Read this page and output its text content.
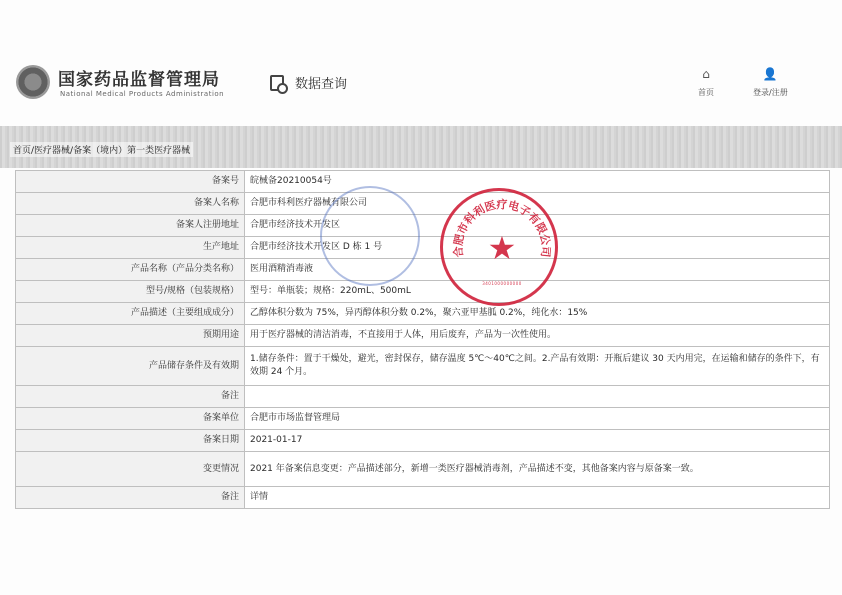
国家药品监督管理局
National Medical Products Administration
数据查询
⌂
首页
👤
登录/注册
首页/医疗器械/备案（境内）第一类医疗器械
备案号	皖械备20210054号
备案人名称	合肥市科利医疗器械有限公司
备案人注册地址	合肥市经济技术开发区
生产地址	合肥市经济技术开发区 D 栋 1 号
产品名称（产品分类名称）	医用酒精消毒液
型号/规格（包装规格）	型号：单瓶装；规格：220mL、500mL
产品描述（主要组成成分）	乙醇体积分数为 75%，异丙醇体积分数 0.2%，聚六亚甲基胍 0.2%，纯化水：15%
预期用途	用于医疗器械的清洁消毒，不直接用于人体，用后废弃，产品为一次性使用。
产品储存条件及有效期	1.储存条件：置于干燥处，避光，密封保存，储存温度 5℃～40℃之间。2.产品有效期：开瓶后建议 30 天内用完，在运输和储存的条件下，有效期 24 个月。
备注	
备案单位	合肥市市场监督管理局
备案日期	2021-01-17
变更情况	2021 年备案信息变更：产品描述部分，新增一类医疗器械消毒剂，产品描述不变，其他备案内容与原备案一致。
备注	详情
合肥市科利医疗电子有限公司
★
3401000000000
